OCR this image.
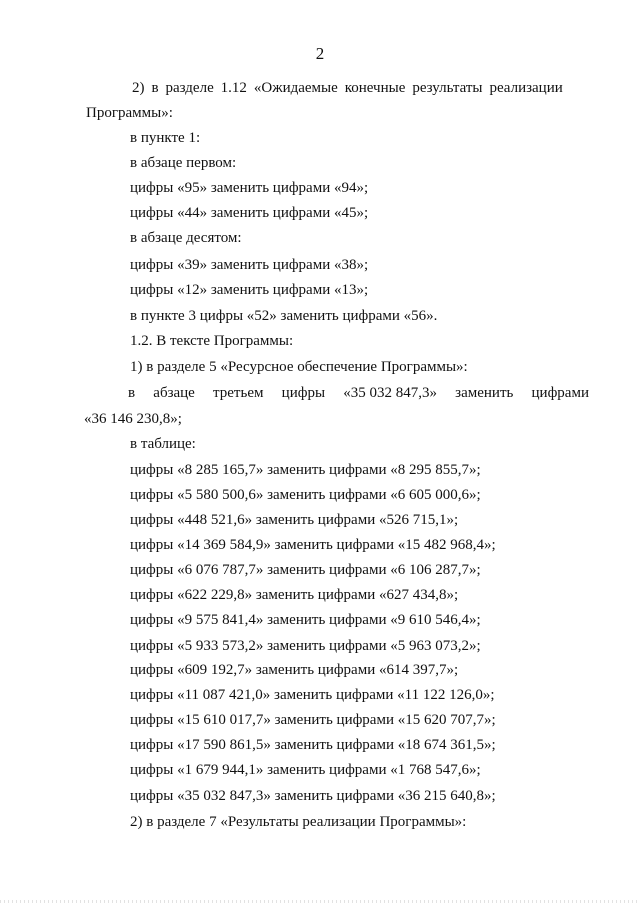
2
2) в разделе 1.12 «Ожидаемые конечные результаты реализации
Программы»:
в пункте 1:
в абзаце первом:
цифры «95» заменить цифрами «94»;
цифры «44» заменить цифрами «45»;
в абзаце десятом:
цифры «39» заменить цифрами «38»;
цифры «12» заменить цифрами «13»;
в пункте 3 цифры «52» заменить цифрами «56».
1.2. В тексте Программы:
1) в разделе 5 «Ресурсное обеспечение Программы»:
в абзаце третьем цифры «35 032 847,3» заменить цифрами
«36 146 230,8»;
в таблице:
цифры «8 285 165,7» заменить цифрами «8 295 855,7»;
цифры «5 580 500,6» заменить цифрами «6 605 000,6»;
цифры «448 521,6» заменить цифрами «526 715,1»;
цифры «14 369 584,9» заменить цифрами «15 482 968,4»;
цифры «6 076 787,7» заменить цифрами «6 106 287,7»;
цифры «622 229,8» заменить цифрами «627 434,8»;
цифры «9 575 841,4» заменить цифрами «9 610 546,4»;
цифры «5 933 573,2» заменить цифрами «5 963 073,2»;
цифры «609 192,7» заменить цифрами «614 397,7»;
цифры «11 087 421,0» заменить цифрами «11 122 126,0»;
цифры «15 610 017,7» заменить цифрами «15 620 707,7»;
цифры «17 590 861,5» заменить цифрами «18 674 361,5»;
цифры «1 679 944,1» заменить цифрами «1 768 547,6»;
цифры «35 032 847,3» заменить цифрами «36 215 640,8»;
2) в разделе 7 «Результаты реализации Программы»:
